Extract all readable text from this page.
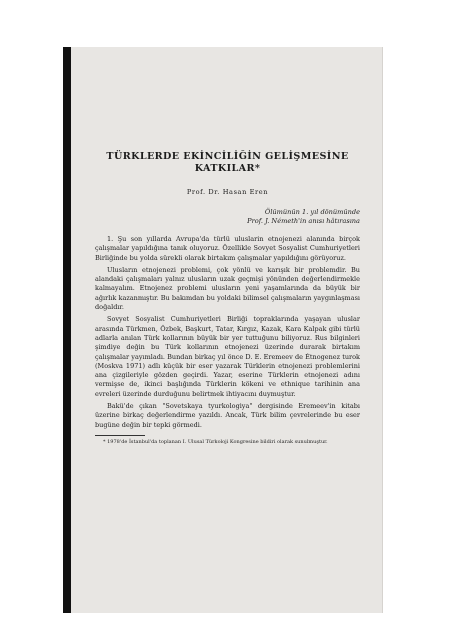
TÜRKLERDE EKİNCİLİĞİN GELİŞMESİNE
KATKILAR*
Prof. Dr. Hasan Eren
Ölümünün 1. yıl dönümünde
Prof. J. Németh'in anısı hâtırasına

1. Şu son yıllarda Avrupa'da türlü uluslarin etnojenezi alanında birçok çalışmalar yapıldığına tanık oluyoruz. Özellikle Sovyet Sosyalist Cumhuriyetleri Birliğinde bu yolda sürekli olarak birtakım çalışmalar yapıldığını görüyoruz.

Ulusların etnojenezi problemi, çok yönlü ve karışık bir problemdir. Bu alandaki çalışmaları yalnız ulusların uzak geçmişi yönünden değerlendirmekle kalmayalım. Etnojenez problemi ulusların yeni yaşamlarında da büyük bir ağırlık kazanmıştır. Bu bakımdan bu yoldaki bilimsel çalışmaların yaygınlaşması doğaldır.

Sovyet Sosyalist Cumhuriyetleri Birliği topraklarında yaşayan uluslar arasında Türkmen, Özbek, Başkurt, Tatar, Kırgız, Kazak, Kara Kalpak gibi türlü adlarla anılan Türk kollarının büyük bir yer tuttuğunu biliyoruz. Rus bilginleri şimdiye değin bu Türk kollarının etnojenezi üzerinde durarak birtakım çalışmalar yayımladı. Bundan birkaç yıl önce D. E. Eremeev de Étnogenez turok (Moskva 1971) adlı küçük bir eser yazarak Türklerin etnojenezi problemlerini ana çizgileriyle gözden geçirdi. Yazar, eserine Türklerin etnojenezi adını vermişse de, ikinci başlığında Türklerin kökeni ve ethnique tarihinin ana evreleri üzerinde durduğunu belirtmek ihtiyacını duymuştur.

Bakü'de çıkan "Sovetskaya tyurkologiya" dergisinde Eremeev'in kitabı üzerine birkaç değerlendirme yazıldı. Ancak, Türk bilim çevrelerinde bu eser bugüne değin bir tepki görmedi.

* 1978'de İstanbul'da toplanan I. Ulusal Türkoloji Kongresine bildiri olarak sunulmuştur.
